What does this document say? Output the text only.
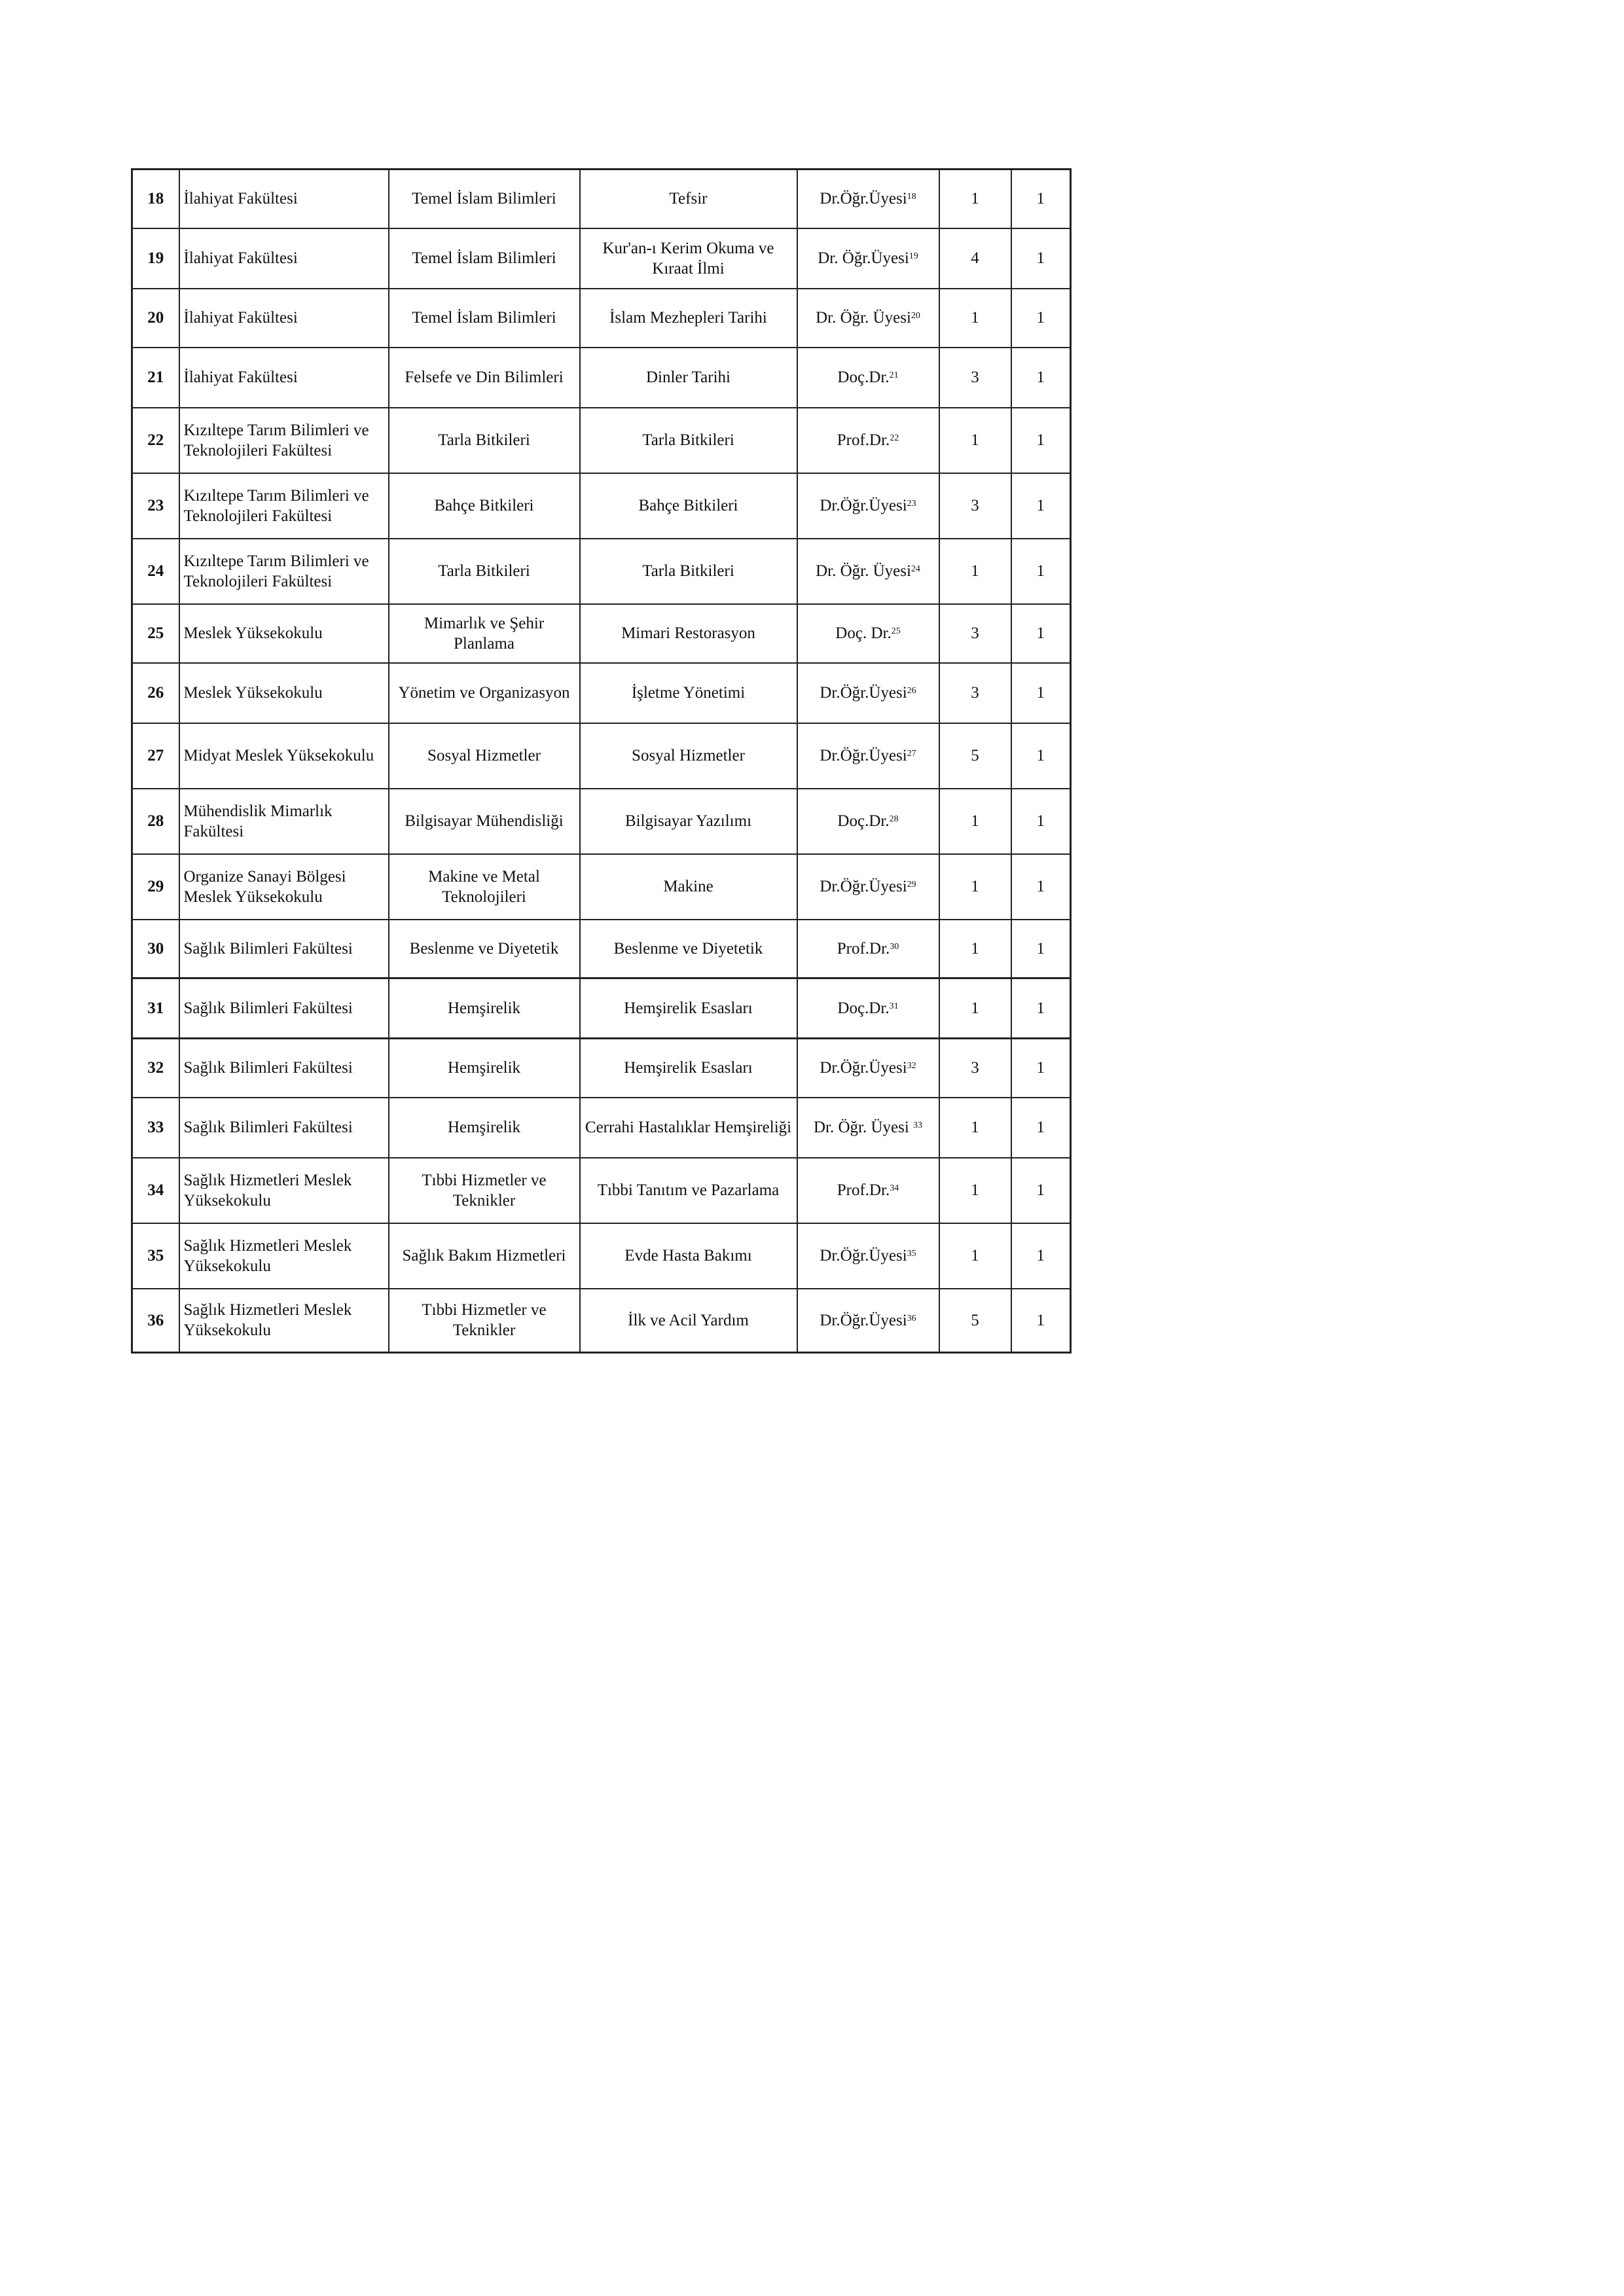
18	İlahiyat Fakültesi	Temel İslam Bilimleri	Tefsir	Dr.Öğr.Üyesi$^{18}$	1	1
19	İlahiyat Fakültesi	Temel İslam Bilimleri	Kur'an-ı Kerim Okuma ve Kıraat İlmi	Dr. Öğr.Üyesi$^{19}$	4	1
20	İlahiyat Fakültesi	Temel İslam Bilimleri	İslam Mezhepleri Tarihi	Dr. Öğr. Üyesi$^{20}$	1	1
21	İlahiyat Fakültesi	Felsefe ve Din Bilimleri	Dinler Tarihi	Doç.Dr.$^{21}$	3	1
22	Kızıltepe Tarım Bilimleri ve Teknolojileri Fakültesi	Tarla Bitkileri	Tarla Bitkileri	Prof.Dr.$^{22}$	1	1
23	Kızıltepe Tarım Bilimleri ve Teknolojileri Fakültesi	Bahçe Bitkileri	Bahçe Bitkileri	Dr.Öğr.Üyesi$^{23}$	3	1
24	Kızıltepe Tarım Bilimleri ve Teknolojileri Fakültesi	Tarla Bitkileri	Tarla Bitkileri	Dr. Öğr. Üyesi$^{24}$	1	1
25	Meslek Yüksekokulu	Mimarlık ve Şehir Planlama	Mimari Restorasyon	Doç. Dr.$^{25}$	3	1
26	Meslek Yüksekokulu	Yönetim ve Organizasyon	İşletme Yönetimi	Dr.Öğr.Üyesi$^{26}$	3	1
27	Midyat Meslek Yüksekokulu	Sosyal Hizmetler	Sosyal Hizmetler	Dr.Öğr.Üyesi$^{27}$	5	1
28	Mühendislik Mimarlık Fakültesi	Bilgisayar Mühendisliği	Bilgisayar Yazılımı	Doç.Dr.$^{28}$	1	1
29	Organize Sanayi Bölgesi Meslek Yüksekokulu	Makine ve Metal Teknolojileri	Makine	Dr.Öğr.Üyesi$^{29}$	1	1
30	Sağlık Bilimleri Fakültesi	Beslenme ve Diyetetik	Beslenme ve Diyetetik	Prof.Dr.$^{30}$	1	1
31	Sağlık Bilimleri Fakültesi	Hemşirelik	Hemşirelik Esasları	Doç.Dr.$^{31}$	1	1
32	Sağlık Bilimleri Fakültesi	Hemşirelik	Hemşirelik Esasları	Dr.Öğr.Üyesi$^{32}$	3	1
33	Sağlık Bilimleri Fakültesi	Hemşirelik	Cerrahi Hastalıklar Hemşireliği	Dr. Öğr. Üyesi $^{33}$	1	1
34	Sağlık Hizmetleri Meslek Yüksekokulu	Tıbbi Hizmetler ve Teknikler	Tıbbi Tanıtım ve Pazarlama	Prof.Dr.$^{34}$	1	1
35	Sağlık Hizmetleri Meslek Yüksekokulu	Sağlık Bakım Hizmetleri	Evde Hasta Bakımı	Dr.Öğr.Üyesi$^{35}$	1	1
36	Sağlık Hizmetleri Meslek Yüksekokulu	Tıbbi Hizmetler ve Teknikler	İlk ve Acil Yardım	Dr.Öğr.Üyesi$^{36}$	5	1
